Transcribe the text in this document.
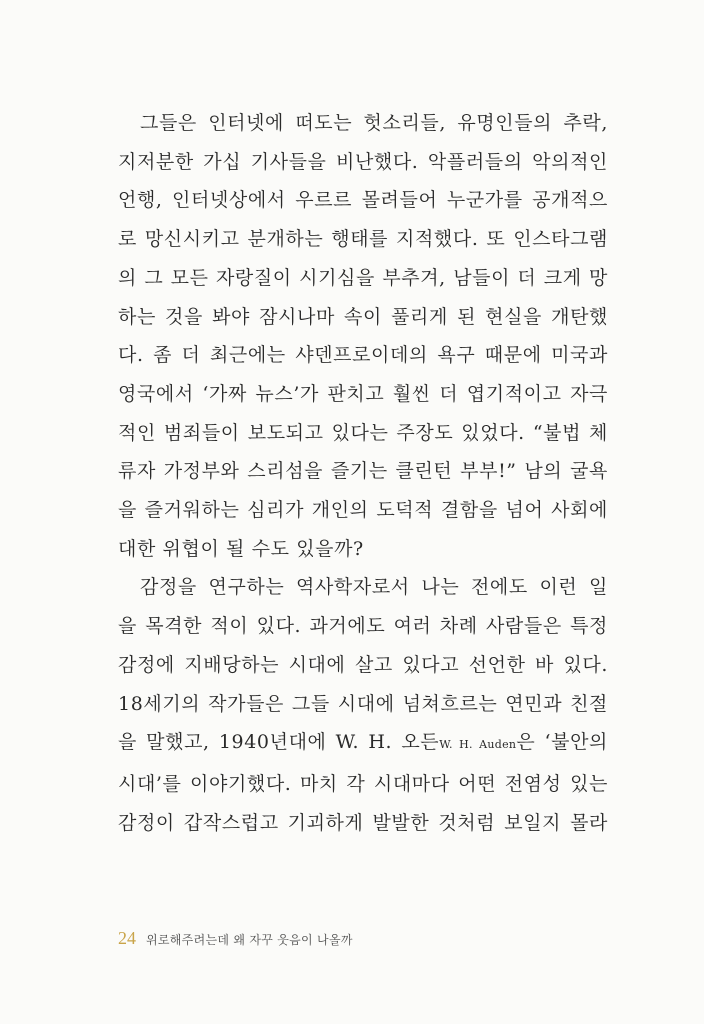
그들은 인터넷에 떠도는 헛소리들, 유명인들의 추락,
지저분한 가십 기사들을 비난했다. 악플러들의 악의적인
언행, 인터넷상에서 우르르 몰려들어 누군가를 공개적으
로 망신시키고 분개하는 행태를 지적했다. 또 인스타그램
의 그 모든 자랑질이 시기심을 부추겨, 남들이 더 크게 망
하는 것을 봐야 잠시나마 속이 풀리게 된 현실을 개탄했
다. 좀 더 최근에는 샤덴프로이데의 욕구 때문에 미국과
영국에서 ‘가짜 뉴스’가 판치고 훨씬 더 엽기적이고 자극
적인 범죄들이 보도되고 있다는 주장도 있었다. “불법 체
류자 가정부와 스리섬을 즐기는 클린턴 부부!” 남의 굴욕
을 즐거워하는 심리가 개인의 도덕적 결함을 넘어 사회에
대한 위협이 될 수도 있을까?

감정을 연구하는 역사학자로서 나는 전에도 이런 일
을 목격한 적이 있다. 과거에도 여러 차례 사람들은 특정
감정에 지배당하는 시대에 살고 있다고 선언한 바 있다.
18세기의 작가들은 그들 시대에 넘쳐흐르는 연민과 친절
을 말했고, 1940년대에 W. H. 오든W. H. Auden은 ‘불안의
시대’를 이야기했다. 마치 각 시대마다 어떤 전염성 있는
감정이 갑작스럽고 기괴하게 발발한 것처럼 보일지 몰라

24 위로해주려는데 왜 자꾸 웃음이 나올까
